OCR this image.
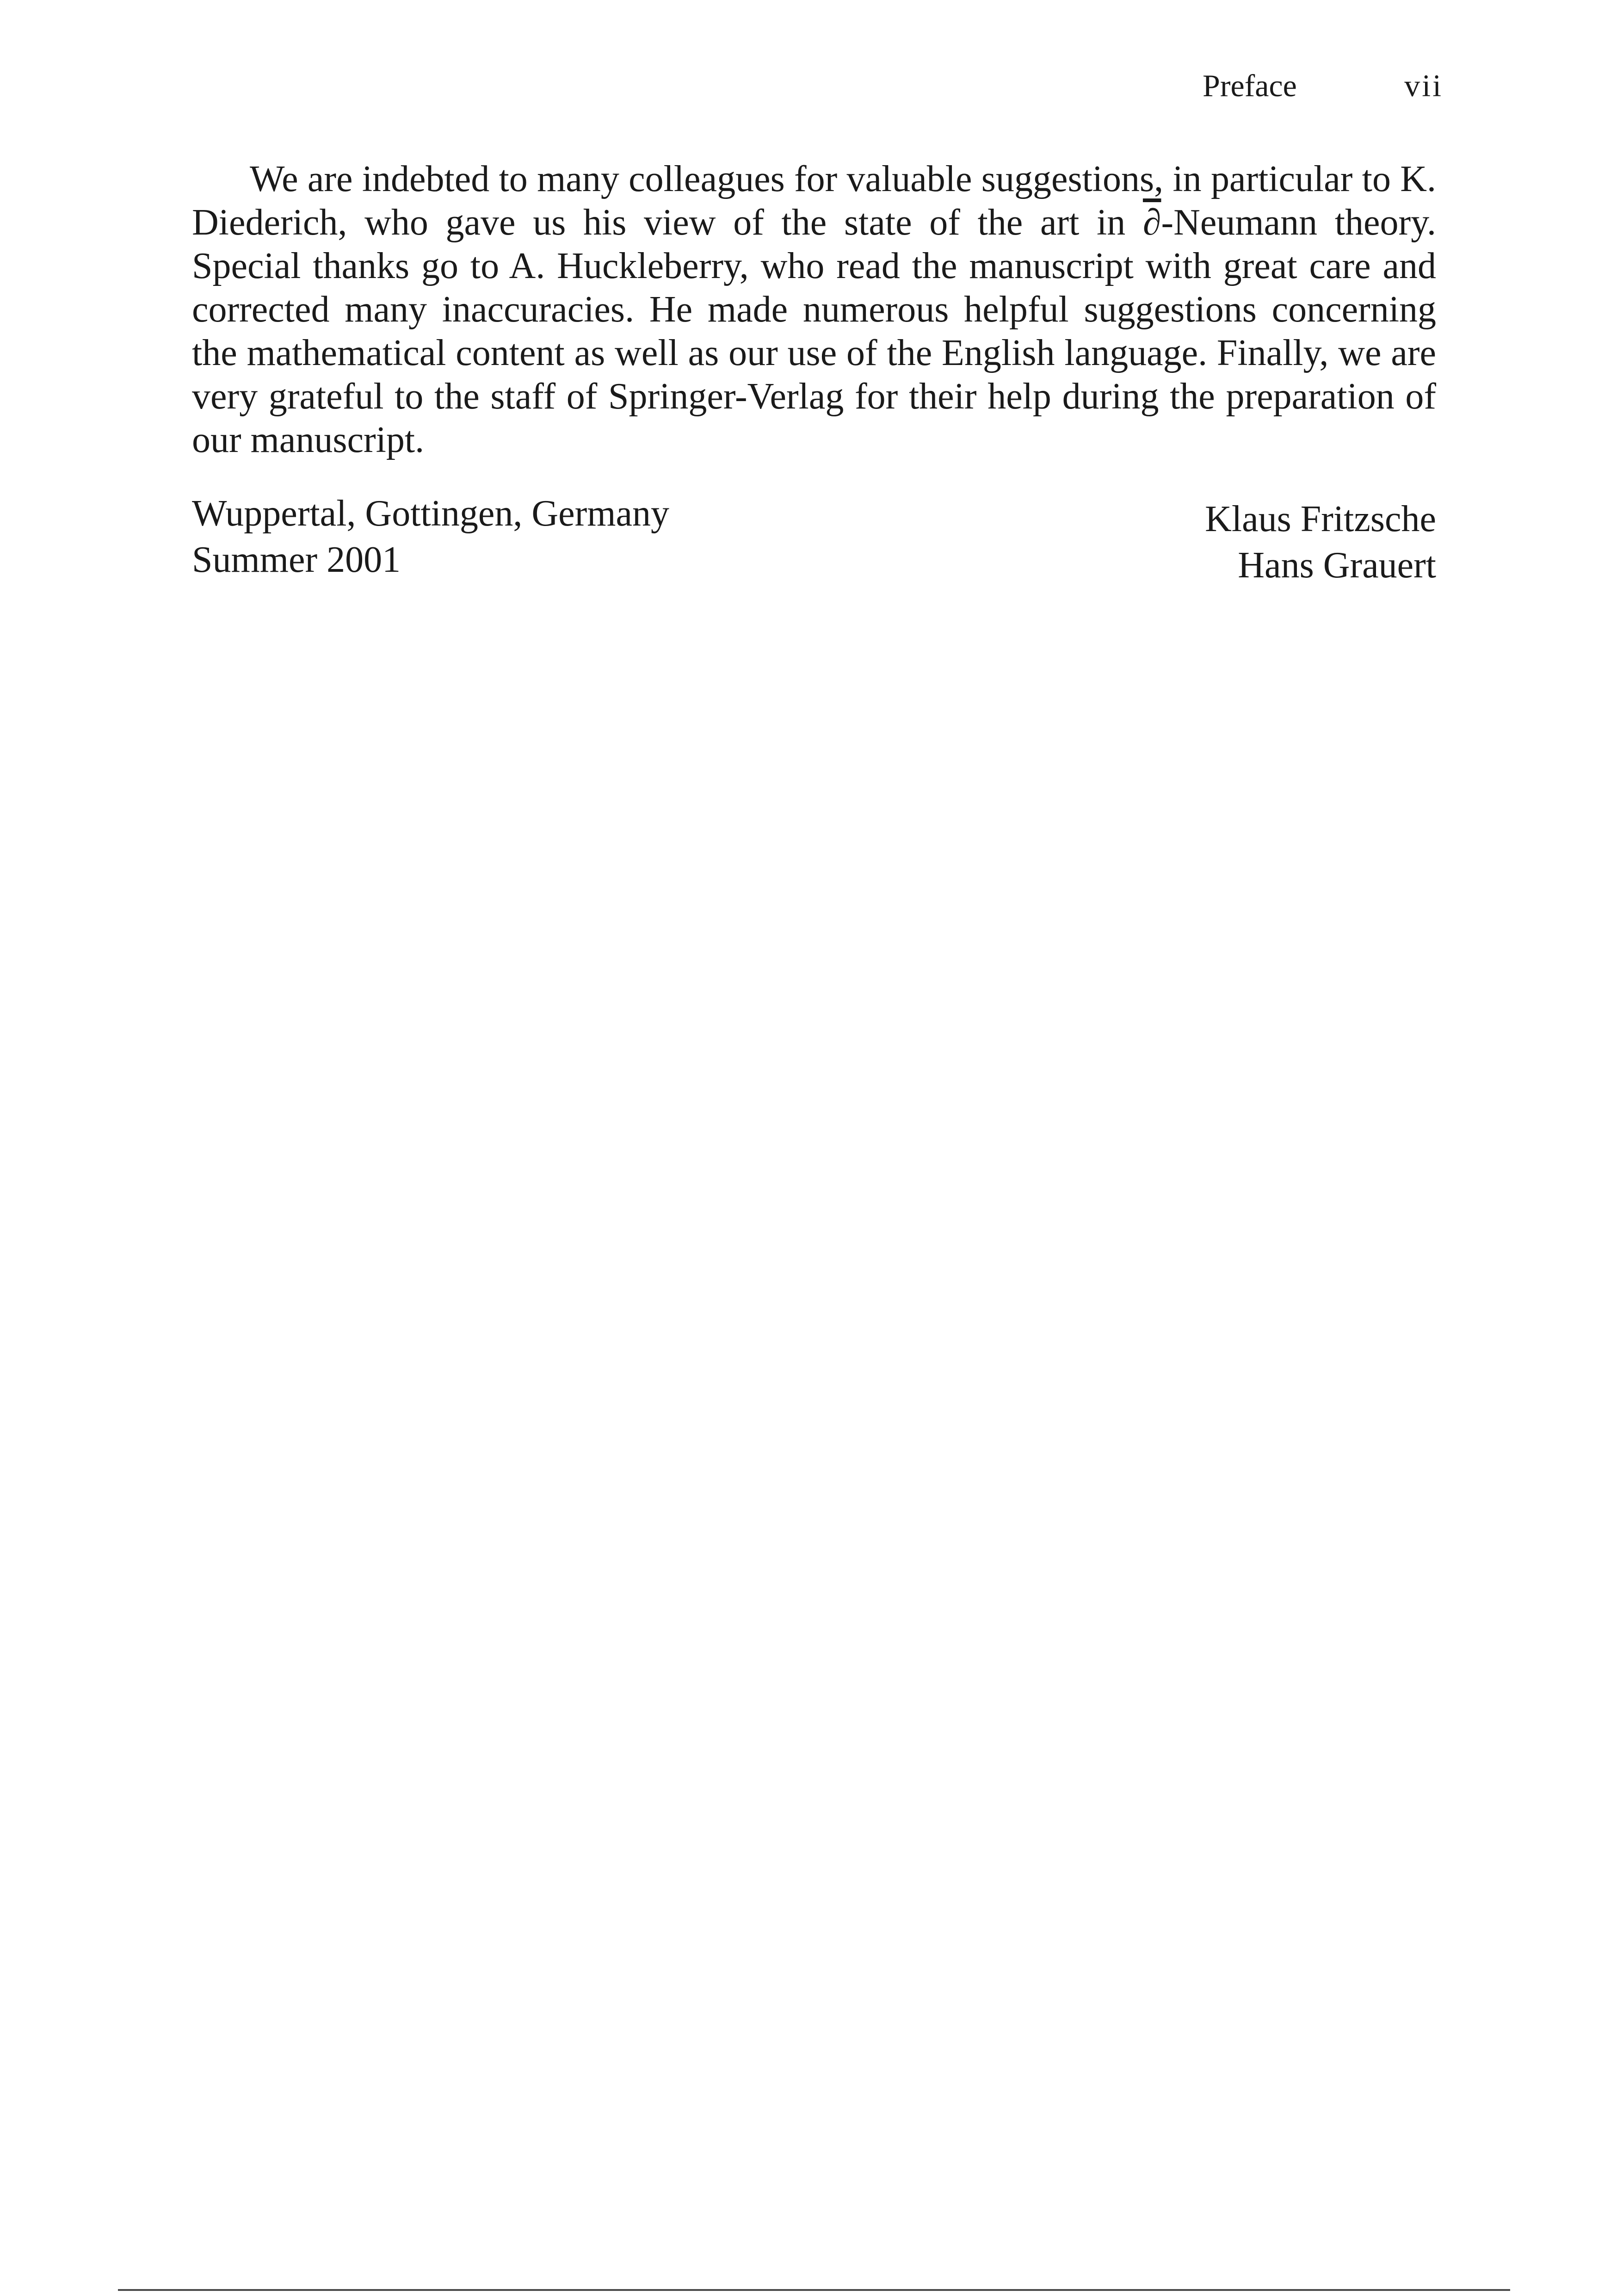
Preface	vii

We are indebted to many colleagues for valuable suggestions, in particular to K. Diederich, who gave us his view of the state of the art in ∂-Neumann theory. Special thanks go to A. Huckleberry, who read the manuscript with great care and corrected many inaccuracies. He made numerous helpful suggestions concerning the mathematical content as well as our use of the English language. Finally, we are very grateful to the staff of Springer-Verlag for their help during the preparation of our manuscript.

Wuppertal, Gottingen, Germany
Summer 2001
Klaus Fritzsche
Hans Grauert
